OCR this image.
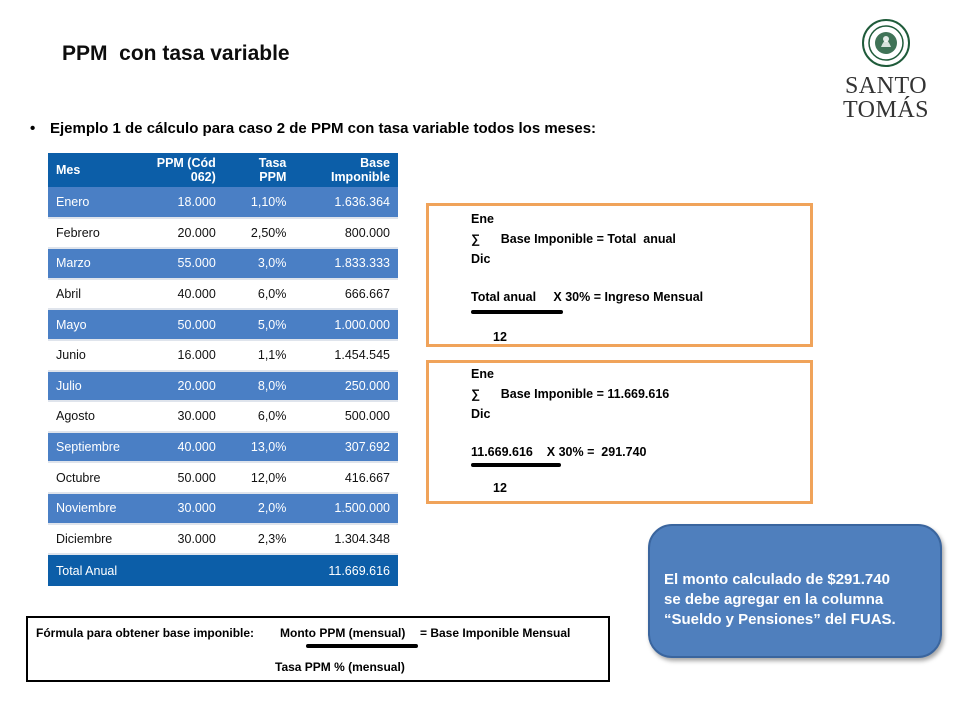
PPM  con tasa variable
SANTO
TOMÁS
• Ejemplo 1 de cálculo para caso 2 de PPM con tasa variable todos los meses:
Mes	PPM (Cód 062)	Tasa PPM	Base Imponible
Enero	18.000	1,10%	1.636.364
Febrero	20.000	2,50%	800.000
Marzo	55.000	3,0%	1.833.333
Abril	40.000	6,0%	666.667
Mayo	50.000	5,0%	1.000.000
Junio	16.000	1,1%	1.454.545
Julio	20.000	8,0%	250.000
Agosto	30.000	6,0%	500.000
Septiembre	40.000	13,0%	307.692
Octubre	50.000	12,0%	416.667
Noviembre	30.000	2,0%	1.500.000
Diciembre	30.000	2,3%	1.304.348
Total Anual			11.669.616
Ene
∑      Base Imponible = Total  anual
Dic
Total anual     X 30% = Ingreso Mensual
12
Ene
∑      Base Imponible = 11.669.616
Dic
11.669.616    X 30% =  291.740
12
El monto calculado de $291.740
se debe agregar en la columna
“Sueldo y Pensiones” del FUAS.
Fórmula para obtener base imponible: Monto PPM (mensual) = Base Imponible Mensual
Tasa PPM % (mensual)
